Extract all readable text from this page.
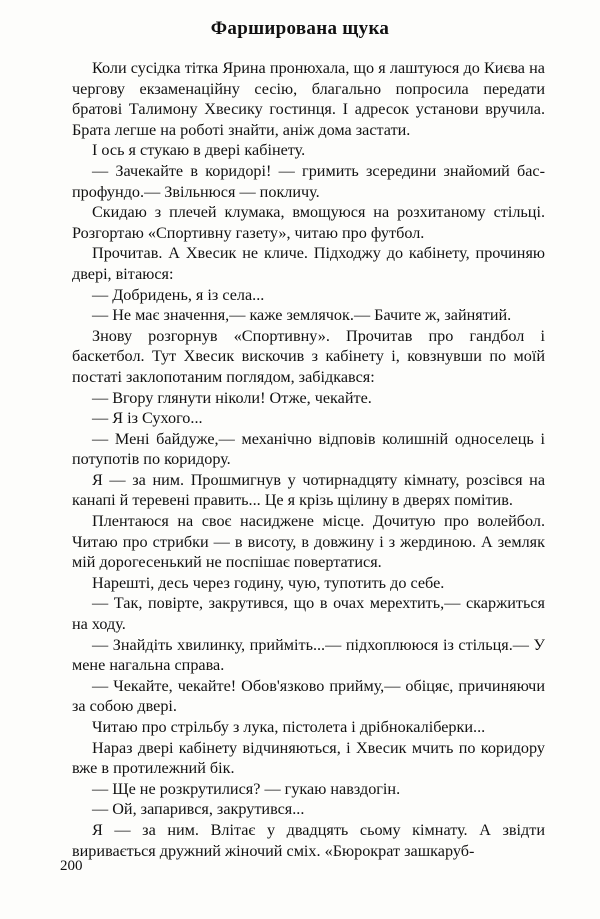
Фарширована щука

Коли сусідка тітка Ярина пронюхала, що я лаштуюся до Києва на чергову екзаменаційну сесію, благально попросила передати братові Талимону Хвесику гостинця. І адресок установи вручила. Брата легше на роботі знайти, аніж дома застати.

І ось я стукаю в двері кабінету.

— Зачекайте в коридорі! — гримить зсередини знайомий бас-профундо.— Звільнюся — покличу.

Скидаю з плечей клумака, вмощуюся на розхитаному стільці. Розгортаю «Спортивну газету», читаю про футбол.

Прочитав. А Хвесик не кличе. Підходжу до кабінету, прочиняю двері, вітаюся:

— Добридень, я із села...

— Не має значення,— каже землячок.— Бачите ж, зайнятий.

Знову розгорнув «Спортивну». Прочитав про гандбол і баскетбол. Тут Хвесик вискочив з кабінету і, ковзнувши по моїй постаті заклопотаним поглядом, забідкався:

— Вгору глянути ніколи! Отже, чекайте.

— Я із Сухого...

— Мені байдуже,— механічно відповів колишній односелець і потупотів по коридору.

Я — за ним. Прошмигнув у чотирнадцяту кімнату, розсівся на канапі й теревені править... Це я крізь щілину в дверях помітив.

Плентаюся на своє насиджене місце. Дочитую про волейбол. Читаю про стрибки — в висоту, в довжину і з жердиною. А земляк мій дорогесенький не поспішає повертатися.

Нарешті, десь через годину, чую, тупотить до себе.

— Так, повірте, закрутився, що в очах мерехтить,— скаржиться на ходу.

— Знайдіть хвилинку, прийміть...— підхоплююся із стільця.— У мене нагальна справа.

— Чекайте, чекайте! Обов'язково прийму,— обіцяє, причиняючи за собою двері.

Читаю про стрільбу з лука, пістолета і дрібнокаліберки...

Нараз двері кабінету відчиняються, і Хвесик мчить по коридору вже в протилежний бік.

— Ще не розкрутилися? — гукаю навздогін.

— Ой, запарився, закрутився...

Я — за ним. Влітає у двадцять сьому кімнату. А звідти виривається дружний жіночий сміх. «Бюрократ зашкаруб-

200
